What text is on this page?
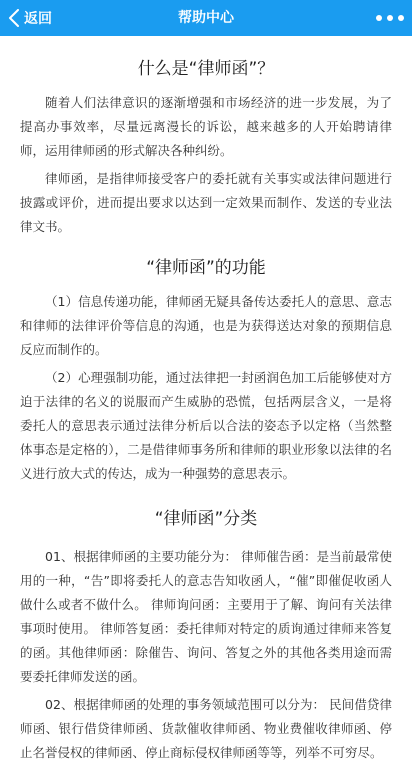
返回	帮助中心
什么是“律师函”？

随着人们法律意识的逐渐增强和市场经济的进一步发展，为了提高办事效率，尽量远离漫长的诉讼，越来越多的人开始聘请律师，运用律师函的形式解决各种纠纷。

律师函，是指律师接受客户的委托就有关事实或法律问题进行披露或评价，进而提出要求以达到一定效果而制作、发送的专业法律文书。

“律师函”的功能

（1）信息传递功能，律师函无疑具备传达委托人的意思、意志和律师的法律评价等信息的沟通，也是为获得送达对象的预期信息反应而制作的。

（2）心理强制功能，通过法律把一封函润色加工后能够使对方迫于法律的名义的说服而产生威胁的恐慌，包括两层含义，一是将委托人的意思表示通过法律分析后以合法的姿态予以定格（当然整体事态是定格的），二是借律师事务所和律师的职业形象以法律的名义进行放大式的传达，成为一种强势的意思表示。

“律师函”分类

01、根据律师函的主要功能分为： 律师催告函：是当前最常使用的一种，“告”即将委托人的意志告知收函人，“催”即催促收函人做什么或者不做什么。 律师询问函：主要用于了解、询问有关法律事项时使用。 律师答复函：委托律师对特定的质询通过律师来答复的函。其他律师函：除催告、询问、答复之外的其他各类用途而需要委托律师发送的函。

02、根据律师函的处理的事务领域范围可以分为： 民间借贷律师函、银行借贷律师函、货款催收律师函、物业费催收律师函、停止名誉侵权的律师函、停止商标侵权律师函等等，列举不可穷尽。
